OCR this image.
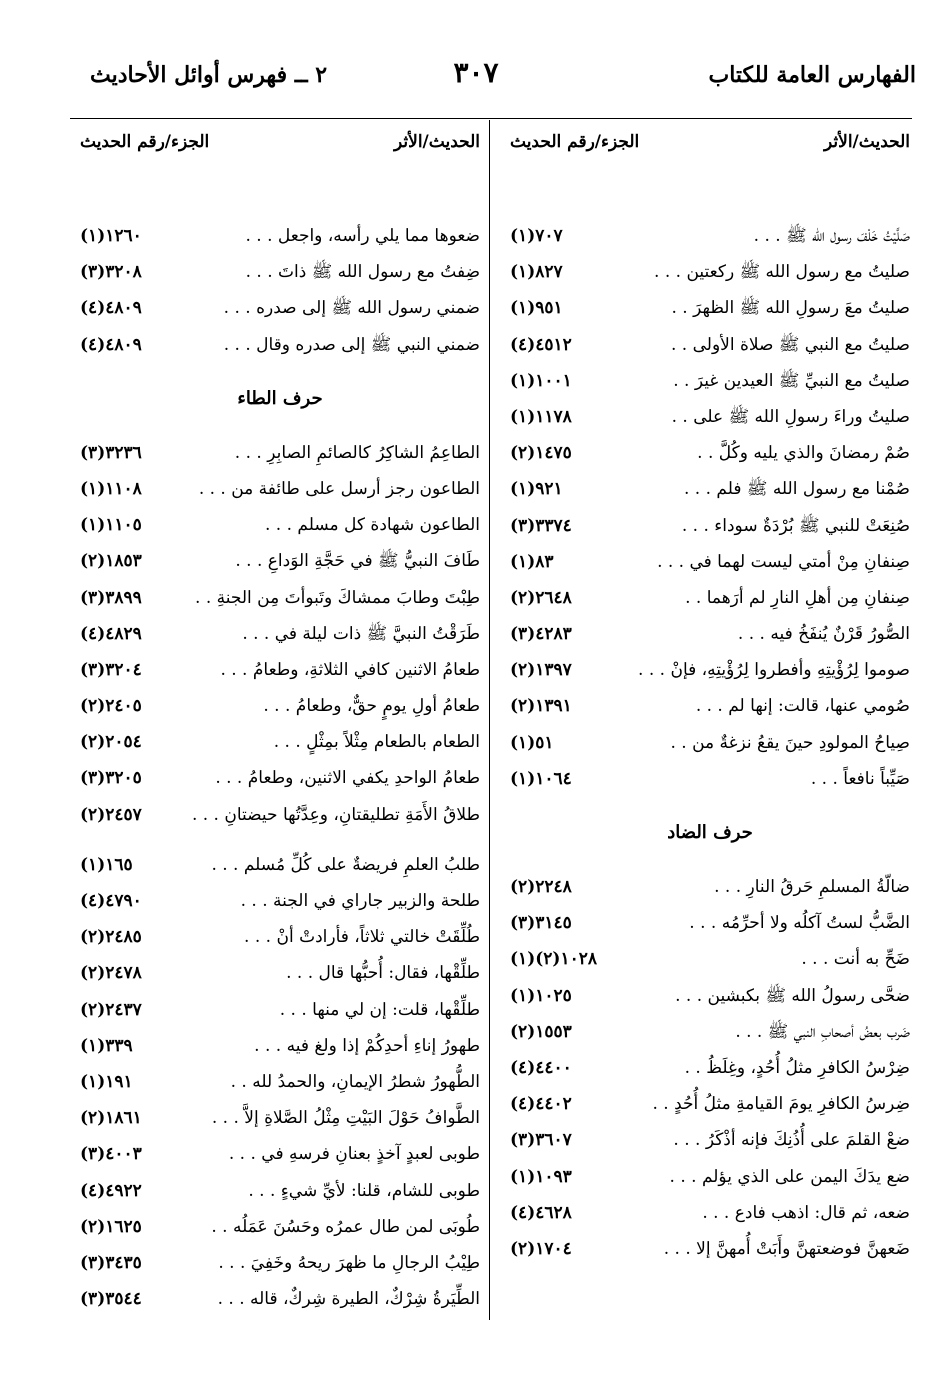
الفهارس العامة للكتاب
٣٠٧
٢ ــ فهرس أوائل الأحاديث
الحديث/الأثر
الجزء/رقم الحديث
صَلَّيْتُ خَلْفَ رسول الله ﷺ . . .
(١)٧٠٧
صليتُ مع رسول الله ﷺ ركعتين . . .
(١)٨٢٧
صليتُ معَ رسولِ الله ﷺ الظهرَ . .
(١)٩٥١
صليتُ مع النبي ﷺ صلاة الأولى . .
(٤)٤٥١٢
صليتُ مع النبيِّ ﷺ العيدين غيرَ . .
(١)١٠٠١
صليتُ وراءَ رسولِ الله ﷺ على . .
(١)١١٧٨
صُمْ رمضانَ والذي يليه وكُلَّ . .
(٢)١٤٧٥
صُمْنا مع رسول الله ﷺ فلم . . .
(١)٩٢١
صُنِعَتْ للنبي ﷺ بُرْدَةٌ سوداء . . .
(٣)٣٣٧٤
صِنفانِ مِنْ أمتي ليست لهما في . . .
(١)٨٣
صِنفانِ مِن أهلِ النارِ لم أرَهما . .
(٢)٢٦٤٨
الصُّورُ قَرْنٌ يُنفَخُ فيه . . .
(٣)٤٢٨٣
صوموا لِرُؤْيتِهِ وأفطروا لِرُؤْيتِهِ، فإنْ . . .
(٢)١٣٩٧
صُومي عنها، قالت: إنها لم . . .
(٢)١٣٩١
صِياحُ المولودِ حينَ يقعُ نزغةٌ من . .
(١)٥١
صَيِّباً نافعاً . . .
(١)١٠٦٤
حرف الضاد
ضالّةُ المسلمِ حَرقُ النارِ . . .
(٢)٢٢٤٨
الضَّبُّ لستُ آكلُه ولا أحرِّمُه . . .
(٣)٣١٤٥
ضَحِّ به أنت . . .
(١)١٠٢٨(٢)
ضحَّى رسولُ الله ﷺ بكبشين . . .
(١)١٠٢٥
ضَرب بعضُ أصحابِ النبي ﷺ . . .
(٢)١٥٥٣
ضِرْسُ الكافرِ مثلُ أُحُدٍ، وغِلَظُ . .
(٤)٤٤٠٠
ضِرسُ الكافرِ يومَ القيامةِ مثلُ أُحُدٍ . .
(٤)٤٤٠٢
ضعْ القلمَ على أُذُنِكَ فإنه أذْكَرُ . . .
(٣)٣٦٠٧
ضع يدَكَ اليمن على الذي يؤلم . . .
(١)١٠٩٣
ضعه، ثم قال: اذهب فادع . . .
(٤)٤٦٢٨
ضَعهنَّ فوضعتهنَّ وأَبَتْ أُمهنَّ إلا . . .
(٢)١٧٠٤
الحديث/الأثر
الجزء/رقم الحديث
ضعوها مما يلي رأسه، واجعل . . .
(١)١٢٦٠
ضِفتُ مع رسول الله ﷺ ذاتَ . . .
(٣)٣٢٠٨
ضمني رسول الله ﷺ إلى صدره . . .
(٤)٤٨٠٩
ضمني النبي ﷺ إلى صدره وقال . . .
(٤)٤٨٠٩
حرف الطاء
الطاعِمُ الشاكِرُ كالصائمِ الصابِرِ . . .
(٣)٣٢٣٦
الطاعون رجز أرسل على طائفة من . . .
(١)١١٠٨
الطاعون شهادة كل مسلم . . .
(١)١١٠٥
طَافَ النبيُّ ﷺ في حَجَّةِ الوَداعِ . . .
(٢)١٨٥٣
طِبْتَ وطابَ ممشاكَ وتَبوأتَ مِن الجنةِ . .
(٣)٣٨٩٩
طَرَقْتُ النبيَّ ﷺ ذات ليلة في . . .
(٤)٤٨٢٩
طعامُ الاثنين كافي الثلاثةِ، وطعامُ . . .
(٣)٣٢٠٤
طعامُ أولِ يومٍ حقٌّ، وطعامُ . . .
(٢)٢٤٠٥
الطعام بالطعام مِثْلاً بمِثْلٍ . . .
(٢)٢٠٥٤
طعامُ الواحدِ يكفي الاثنين، وطعامُ . . .
(٣)٣٢٠٥
طلاقُ الأَمَةِ تطليقتانِ، وعِدَّتُها حيضتانِ . . .
(٢)٢٤٥٧
طلبُ العلمِ فريضةٌ على كُلِّ مُسلم . . .
(١)١٦٥
طلحة والزبير جاراي في الجنة . . .
(٤)٤٧٩٠
طُلِّقَتْ خالتي ثلاثاً، فأرادتْ أنْ . . .
(٢)٢٤٨٥
طلِّقْها، فقال: أُحبُّها قال . . .
(٢)٢٤٧٨
طلِّقْها، قلت: إن لي منها . . .
(٢)٢٤٣٧
طهورُ إناءِ أحدِكُمْ إذا ولغ فيه . . .
(١)٣٣٩
الطُّهورُ شطرُ الإيمانِ، والحمدُ لله . .
(١)١٩١
الطَّوافُ حَوْلَ البَيْتِ مِثْلُ الصَّلاةِ إلاَّ . . .
(٢)١٨٦١
طوبى لعبدٍ آخذٍ بعنانِ فرسهِ في . . .
(٣)٤٠٠٣
طوبى للشام، قلنا: لأيِّ شيءٍ . . .
(٤)٤٩٢٢
طُوبَى لمن طال عمرُه وحَسُنَ عَمَلُه . .
(٢)١٦٢٥
طِيْبُ الرجالِ ما ظهرَ ريحهُ وخَفِيَ . . .
(٣)٣٤٣٥
الطِّيَرةُ شِرْكٌ، الطيرة شِركٌ، قاله . . .
(٣)٣٥٤٤
